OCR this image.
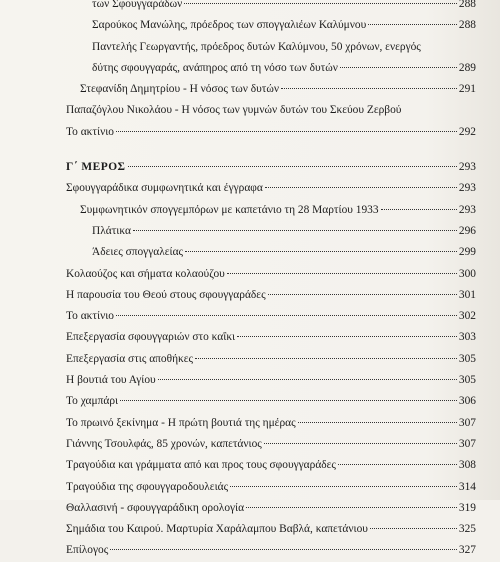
των Σφουγγαράδων	288
Σαρούκος Μανώλης, πρόεδρος των σπογγαλιέων Καλύμνου	288
Παντελής Γεωργαντής, πρόεδρος δυτών Καλύμνου, 50 χρόνων, ενεργός
δύτης σφουγγαράς, ανάπηρος από τη νόσο των δυτών	289
Στεφανίδη Δημητρίου - Η νόσος των δυτών	291
Παπαζόγλου Νικολάου - Η νόσος των γυμνών δυτών του Σκεύου Ζερβού
Το ακτίνιο	292
Γ΄ ΜΕΡΟΣ	293
Σφουγγαράδικα συμφωνητικά και έγγραφα	293
Συμφωνητικόν σπογγεμπόρων με καπετάνιο τη 28 Μαρτίου 1933	293
Πλάτικα	296
Άδειες σπογγαλείας	299
Κολαούζος και σήματα κολαούζου	300
Η παρουσία του Θεού στους σφουγγαράδες	301
Το ακτίνιο	302
Επεξεργασία σφουγγαριών στο καΐκι	303
Επεξεργασία στις αποθήκες	305
Η βουτιά του Αγίου	305
Το χαμπάρι	306
Το πρωινό ξεκίνημα - Η πρώτη βουτιά της ημέρας	307
Γιάννης Τσουλφάς, 85 χρονών, καπετάνιος	307
Τραγούδια και γράμματα από και προς τους σφουγγαράδες	308
Τραγούδια της σφουγγαροδουλειάς	314
Θαλλασινή - σφουγγαράδικη ορολογία	319
Σημάδια του Καιρού. Μαρτυρία Χαράλαμπου Βαβλά, καπετάνιου	325
Επίλογος	327
